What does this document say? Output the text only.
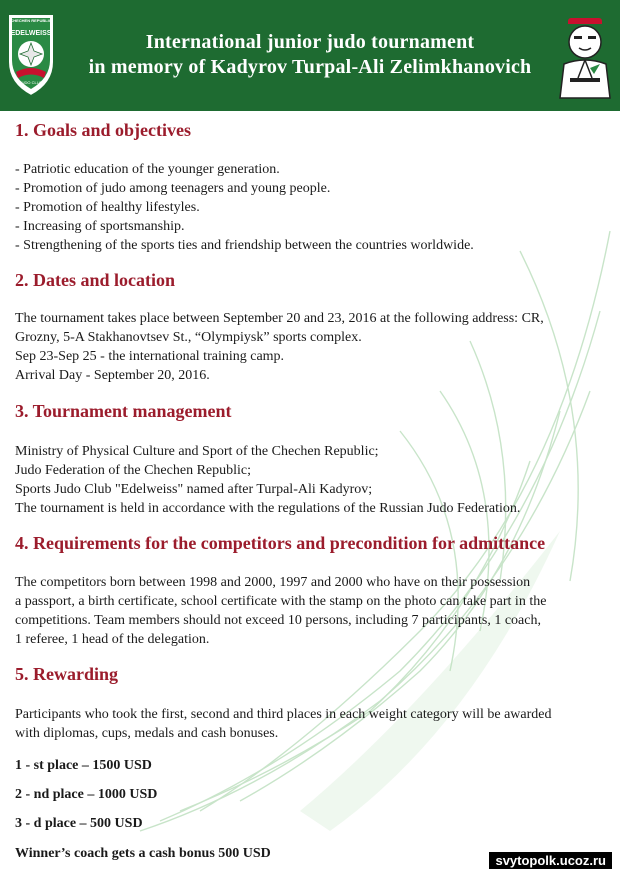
CHECHEN REPUBLIC
EDELWEISS
JUDO CLUB
International junior judo tournament
in memory of Kadyrov Turpal-Ali Zelimkhanovich
1. Goals and objectives
- Patriotic education of the younger generation.
- Promotion of judo among teenagers and young people.
- Promotion of healthy lifestyles.
- Increasing of sportsmanship.
- Strengthening of the sports ties and friendship between the countries worldwide.
2. Dates and location
The tournament takes place between September 20 and 23, 2016 at the following address: CR,
Grozny, 5-A Stakhanovtsev St., “Olympiysk” sports complex.
Sep 23-Sep 25 - the international training camp.
Arrival Day - September 20, 2016.
3. Tournament management
Ministry of Physical Culture and Sport of the Chechen Republic;
Judo Federation of the Chechen Republic;
Sports Judo Club "Edelweiss" named after Turpal-Ali Kadyrov;
The tournament is held in accordance with the regulations of the Russian Judo Federation.
4. Requirements for the competitors and precondition for admittance
The competitors born between 1998 and 2000, 1997 and 2000 who have on their possession
a passport, a birth certificate, school certificate with the stamp on the photo can take part in the
competitions. Team members should not exceed 10 persons, including 7 participants, 1 coach,
1 referee, 1 head of the delegation.
5. Rewarding
Participants who took the first, second and third places in each weight category will be awarded
with diplomas, cups, medals and cash bonuses.

1 - st place – 1500 USD

2 - nd place – 1000 USD

3 - d place – 500 USD

Winner’s coach gets a cash bonus 500 USD	svytopolk.ucoz.ru
